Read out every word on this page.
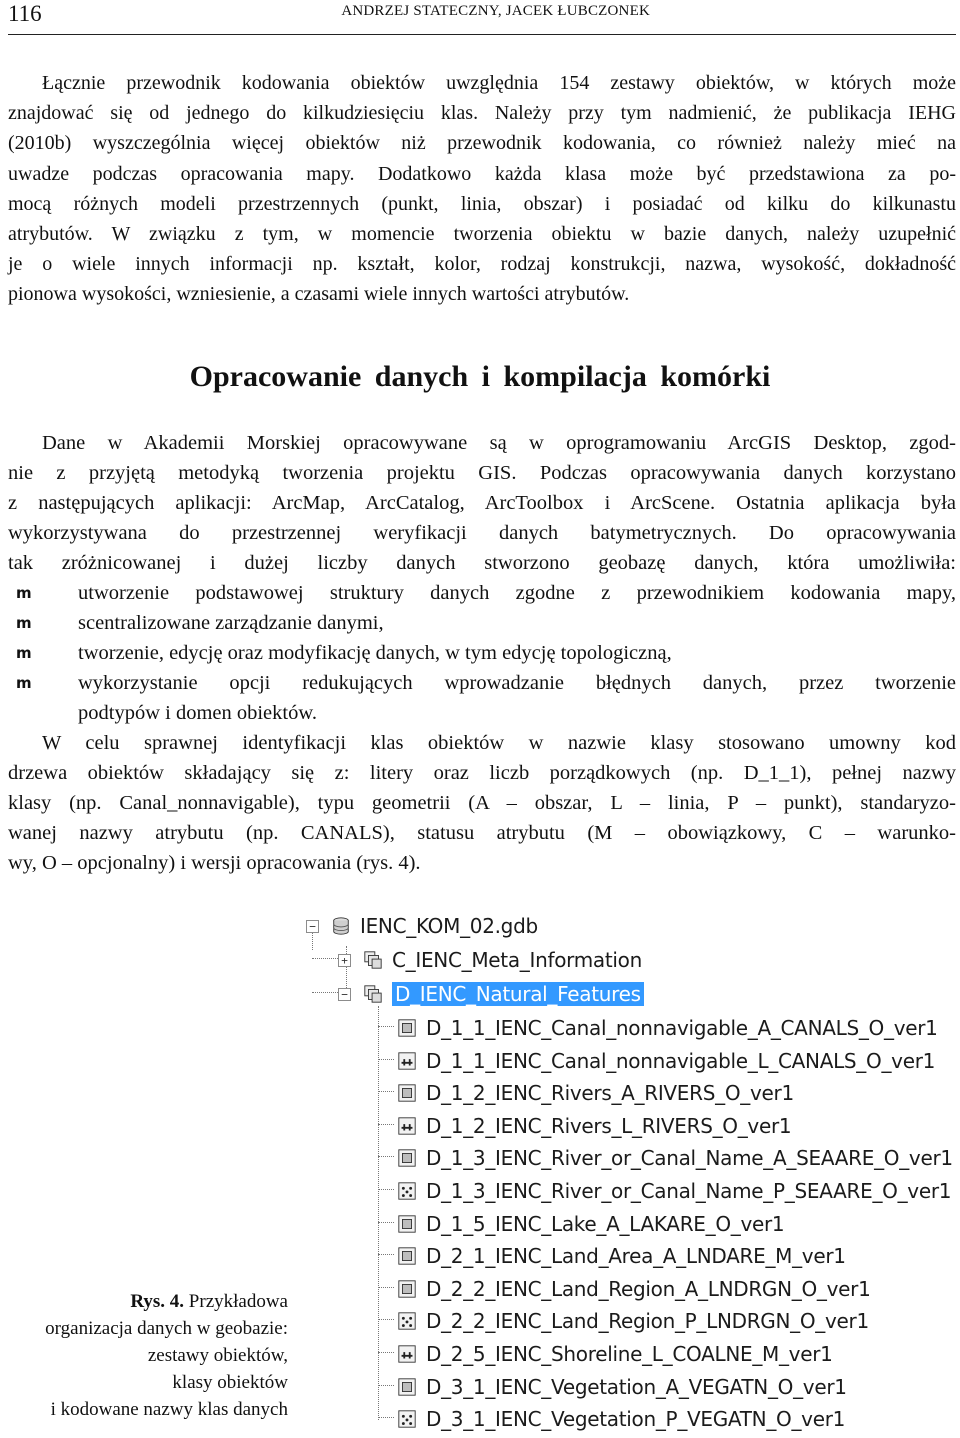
116	ANDRZEJ STATECZNY, JACEK ŁUBCZONEK
Łącznie przewodnik kodowania obiektów uwzględnia 154 zestawy obiektów, w których może
znajdować się od jednego do kilkudziesięciu klas. Należy przy tym nadmienić, że publikacja IEHG
(2010b) wyszczególnia więcej obiektów niż przewodnik kodowania, co również należy mieć na
uwadze podczas opracowania mapy. Dodatkowo każda klasa może być przedstawiona za po-
mocą różnych modeli przestrzennych (punkt, linia, obszar) i posiadać od kilku do kilkunastu
atrybutów. W związku z tym, w momencie tworzenia obiektu w bazie danych, należy uzupełnić
je o wiele innych informacji np. kształt, kolor, rodzaj konstrukcji, nazwa, wysokość, dokładność
pionowa wysokości, wzniesienie, a czasami wiele innych wartości atrybutów.
Opracowanie danych i kompilacja komórki
Dane w Akademii Morskiej opracowywane są w oprogramowaniu ArcGIS Desktop, zgod-
nie z przyjętą metodyką tworzenia projektu GIS. Podczas opracowywania danych korzystano
z następujących aplikacji: ArcMap, ArcCatalog, ArcToolbox i ArcScene. Ostatnia aplikacja była
wykorzystywana do przestrzennej weryfikacji danych batymetrycznych. Do opracowywania
tak zróżnicowanej i dużej liczby danych stworzono geobazę danych, która umożliwiła:
m utworzenie podstawowej struktury danych zgodne z przewodnikiem kodowania mapy,
m scentralizowane zarządzanie danymi,
m tworzenie, edycję oraz modyfikację danych, w tym edycję topologiczną,
m wykorzystanie opcji redukujących wprowadzanie błędnych danych, przez tworzenie
podtypów i domen obiektów.
W celu sprawnej identyfikacji klas obiektów w nazwie klasy stosowano umowny kod
drzewa obiektów składający się z: litery oraz liczb porządkowych (np. D_1_1), pełnej nazwy
klasy (np. Canal_nonnavigable), typu geometrii (A – obszar, L – linia, P – punkt), standaryzo-
wanej nazwy atrybutu (np. CANALS), statusu atrybutu (M – obowiązkowy, C – warunko-
wy, O – opcjonalny) i wersji opracowania (rys. 4).
− IENC_KOM_02.gdb
+ C_IENC_Meta_Information
− D_IENC_Natural_Features
D_1_1_IENC_Canal_nonnavigable_A_CANALS_O_ver1
D_1_1_IENC_Canal_nonnavigable_L_CANALS_O_ver1
D_1_2_IENC_Rivers_A_RIVERS_O_ver1
D_1_2_IENC_Rivers_L_RIVERS_O_ver1
D_1_3_IENC_River_or_Canal_Name_A_SEAARE_O_ver1
D_1_3_IENC_River_or_Canal_Name_P_SEAARE_O_ver1
D_1_5_IENC_Lake_A_LAKARE_O_ver1
D_2_1_IENC_Land_Area_A_LNDARE_M_ver1
D_2_2_IENC_Land_Region_A_LNDRGN_O_ver1
D_2_2_IENC_Land_Region_P_LNDRGN_O_ver1
D_2_5_IENC_Shoreline_L_COALNE_M_ver1
D_3_1_IENC_Vegetation_A_VEGATN_O_ver1
D_3_1_IENC_Vegetation_P_VEGATN_O_ver1
Rys. 4. Przykładowa
organizacja danych w geobazie:
zestawy obiektów,
klasy obiektów
i kodowane nazwy klas danych
